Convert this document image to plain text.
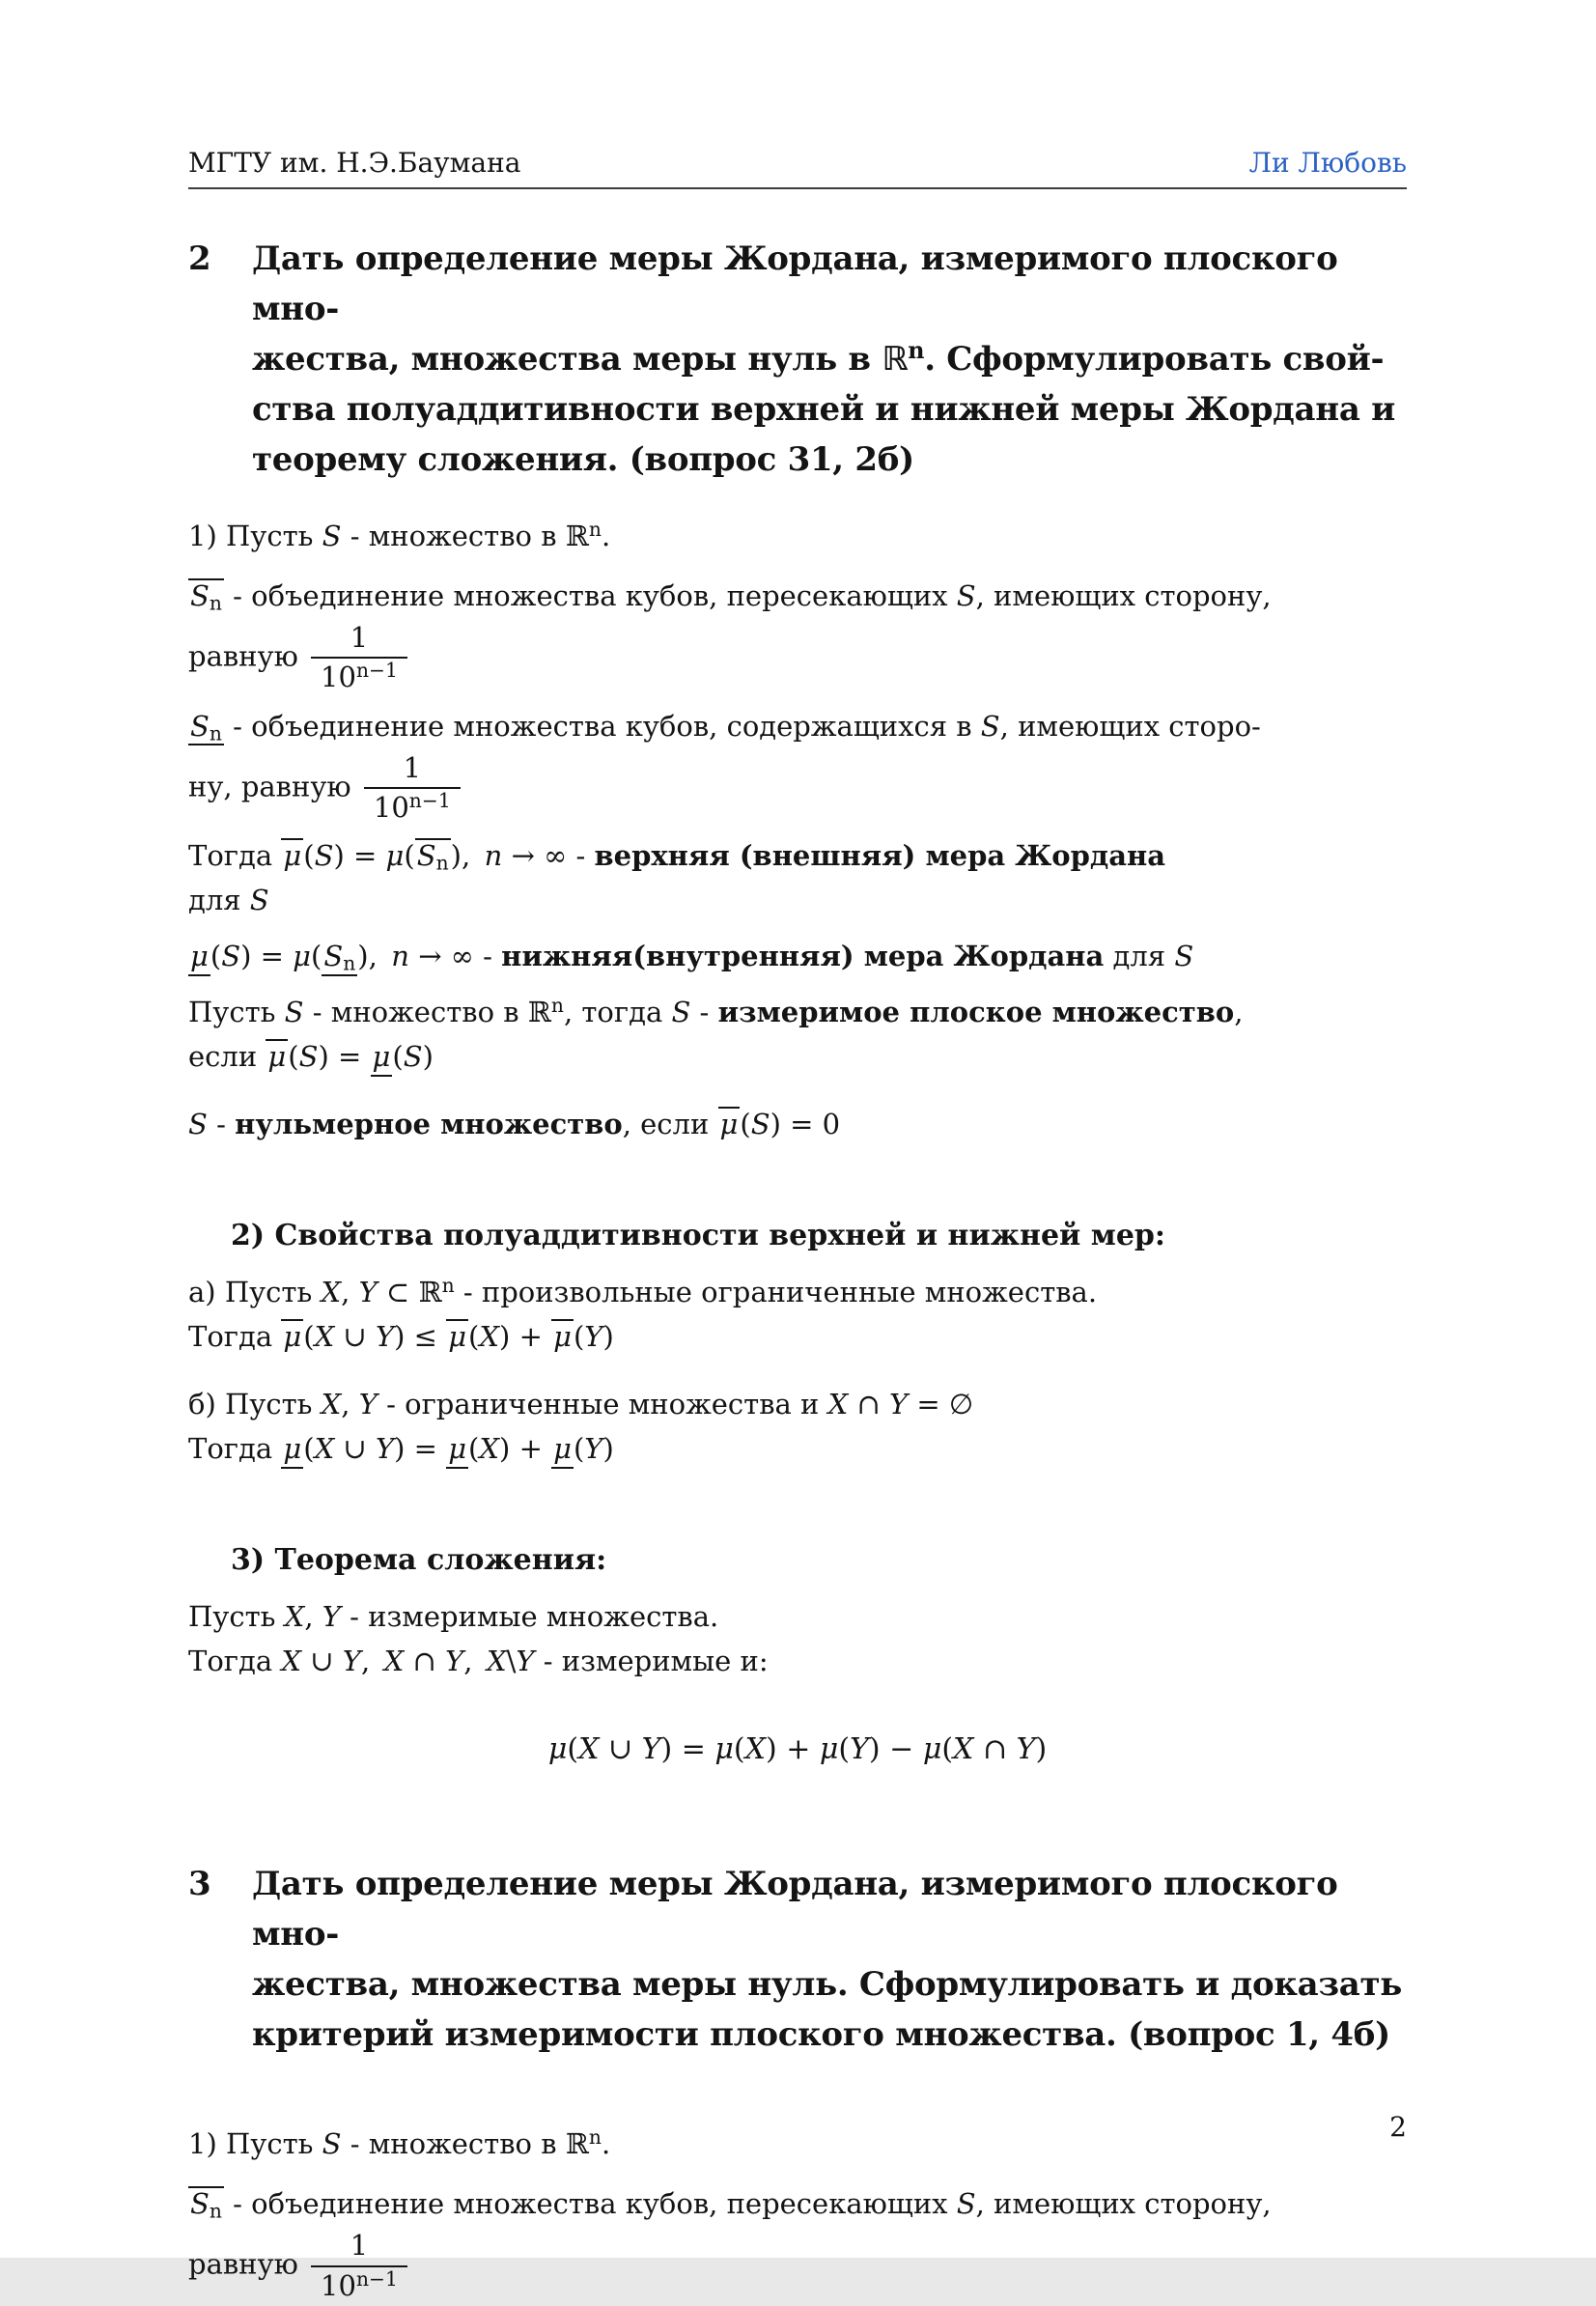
МГТУ им. Н.Э.Баумана	Ли Любовь
2	Дать определение меры Жордана, измеримого плоского мно-
жества, множества меры нуль в ℝ$^n$. Сформулировать свой-
ства полуаддитивности верхней и нижней меры Жордана и
теорему сложения. (вопрос 31, 2б)
1) Пусть S - множество в ℝ$^n$.
$S_n$ - объединение множества кубов, пересекающих S, имеющих сторону,
равную $\frac{1}{10^{n-1}}$
$S_n$ - объединение множества кубов, содержащихся в S, имеющих сторо-
ну, равную $\frac{1}{10^{n-1}}$
Тогда $\mu(S) = \mu(S_n)$, n → ∞ - верхняя (внешняя) мера Жордана
для S
$\mu(S) = \mu(S_n)$, n → ∞ - нижняя(внутренняя) мера Жордана для S
Пусть S - множество в ℝ$^n$, тогда S - измеримое плоское множество,
если μ(S) = μ(S)
S - нульмерное множество, если μ(S) = 0
2) Свойства полуаддитивности верхней и нижней мер:
а) Пусть X, Y ⊂ ℝ$^n$ - произвольные ограниченные множества.
Тогда μ(X ∪ Y) ≤ μ(X) + μ(Y)
б) Пусть X, Y - ограниченные множества и X ∩ Y = ∅
Тогда μ(X ∪ Y) = μ(X) + μ(Y)
3) Теорема сложения:
Пусть X, Y - измеримые множества.
Тогда X ∪ Y, X ∩ Y, X\Y - измеримые и:
μ(X ∪ Y) = μ(X) + μ(Y) − μ(X ∩ Y)
3	Дать определение меры Жордана, измеримого плоского мно-
жества, множества меры нуль. Сформулировать и доказать
критерий измеримости плоского множества. (вопрос 1, 4б)
1) Пусть S - множество в ℝ$^n$.
$S_n$ - объединение множества кубов, пересекающих S, имеющих сторону,
равную $\frac{1}{10^{n-1}}$
2
